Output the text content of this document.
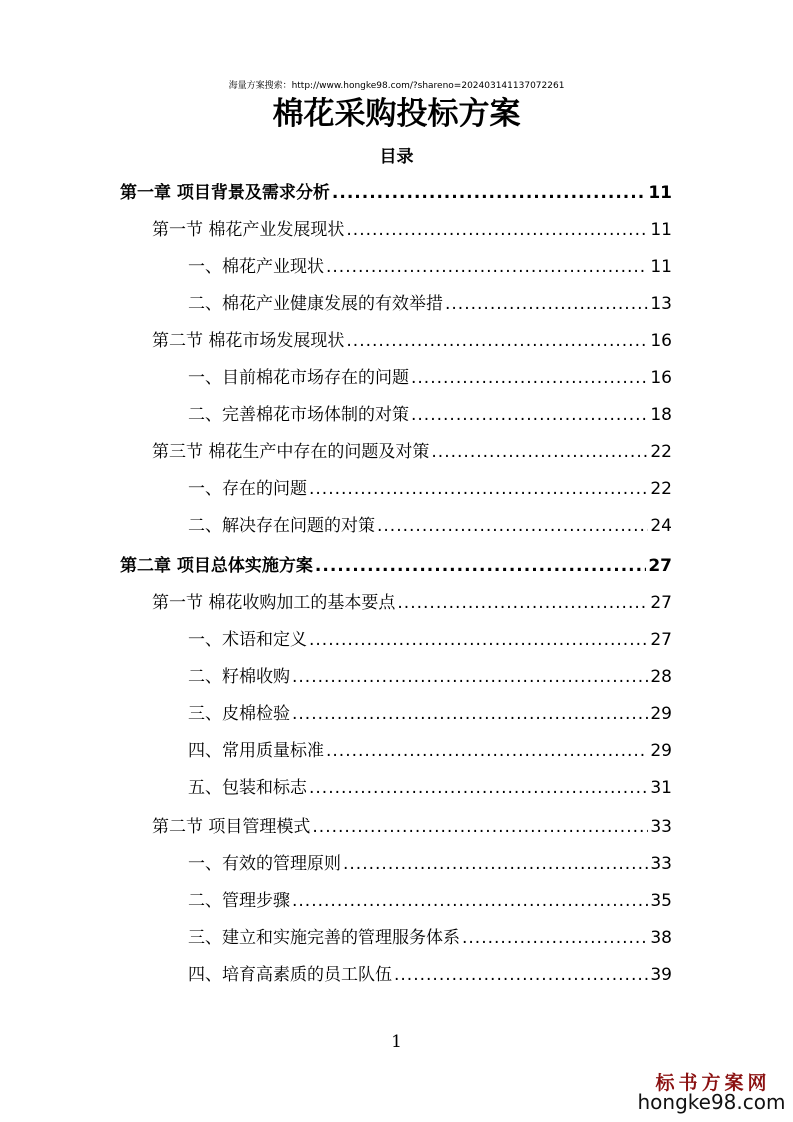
海量方案搜索：http://www.hongke98.com/?shareno=20240314113707226​1
棉花采购投标方案
目录
第一章 项目背景及需求分析 .....	11
第一节 棉花产业发展现状 .....	11
一、棉花产业现状 .....	11
二、棉花产业健康发展的有效举措 .....	13
第二节 棉花市场发展现状 .....	16
一、目前棉花市场存在的问题 .....	16
二、完善棉花市场体制的对策 .....	18
第三节 棉花生产中存在的问题及对策 .....	22
一、存在的问题 .....	22
二、解决存在问题的对策 .....	24
第二章 项目总体实施方案 .....	27
第一节 棉花收购加工的基本要点 .....	27
一、术语和定义 .....	27
二、籽棉收购 .....	28
三、皮棉检验 .....	29
四、常用质量标准 .....	29
五、包装和标志 .....	31
第二节 项目管理模式 .....	33
一、有效的管理原则 .....	33
二、管理步骤 .....	35
三、建立和实施完善的管理服务体系 .....	38
四、培育高素质的员工队伍 .....	39
1
标书方案网
hongke98.com
